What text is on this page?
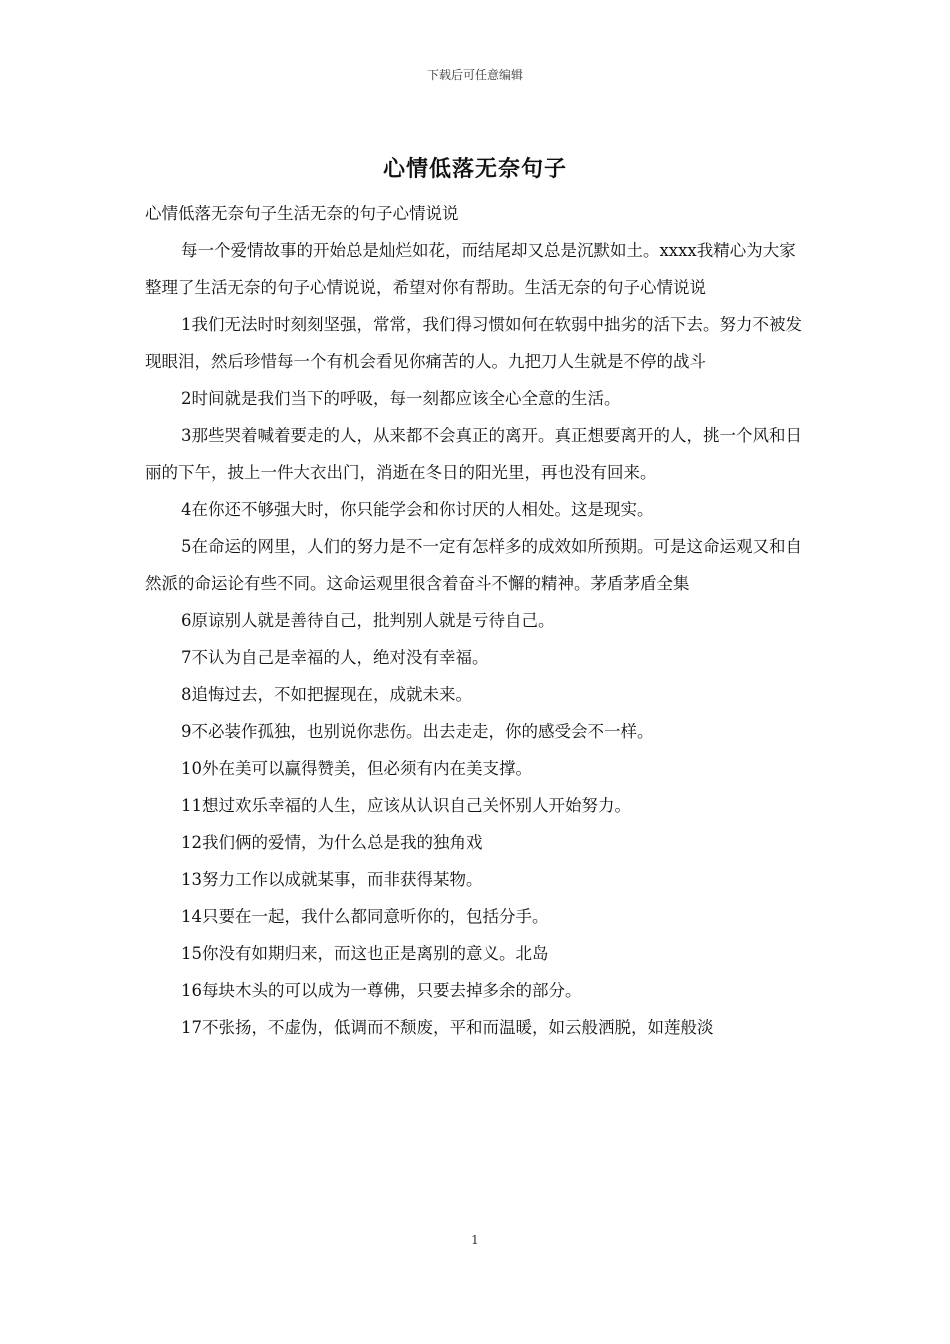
下载后可任意编辑
心情低落无奈句子

心情低落无奈句子生活无奈的句子心情说说

每一个爱情故事的开始总是灿烂如花，而结尾却又总是沉默如土。xxxx我精心为大家整理了生活无奈的句子心情说说，希望对你有帮助。生活无奈的句子心情说说

1我们无法时时刻刻坚强，常常，我们得习惯如何在软弱中拙劣的活下去。努力不被发现眼泪，然后珍惜每一个有机会看见你痛苦的人。九把刀人生就是不停的战斗

2时间就是我们当下的呼吸，每一刻都应该全心全意的生活。

3那些哭着喊着要走的人，从来都不会真正的离开。真正想要离开的人，挑一个风和日丽的下午，披上一件大衣出门，消逝在冬日的阳光里，再也没有回来。

4在你还不够强大时，你只能学会和你讨厌的人相处。这是现实。

5在命运的网里，人们的努力是不一定有怎样多的成效如所预期。可是这命运观又和自然派的命运论有些不同。这命运观里很含着奋斗不懈的精神。茅盾茅盾全集

6原谅别人就是善待自己，批判别人就是亏待自己。

7不认为自己是幸福的人，绝对没有幸福。

8追悔过去，不如把握现在，成就未来。

9不必装作孤独，也别说你悲伤。出去走走，你的感受会不一样。

10外在美可以赢得赞美，但必须有内在美支撑。

11想过欢乐幸福的人生，应该从认识自己关怀别人开始努力。

12我们俩的爱情，为什么总是我的独角戏

13努力工作以成就某事，而非获得某物。

14只要在一起，我什么都同意听你的，包括分手。

15你没有如期归来，而这也正是离别的意义。北岛

16每块木头的可以成为一尊佛，只要去掉多余的部分。

17不张扬，不虚伪，低调而不颓废，平和而温暖，如云般洒脱，如莲般淡

1
